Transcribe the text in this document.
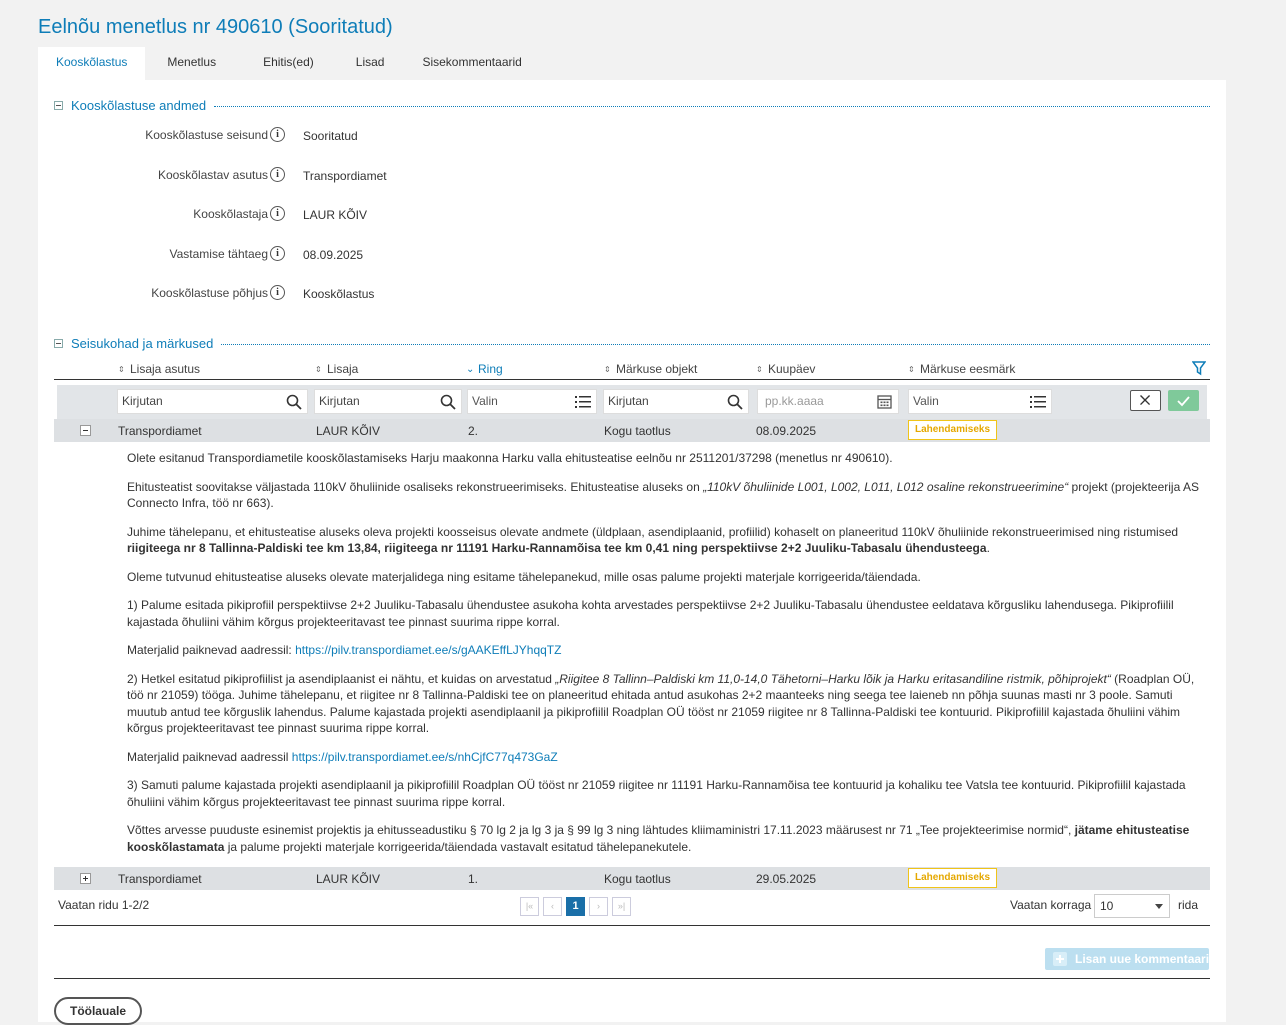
Eelnõu menetlus nr 490610 (Sooritatud)
Kooskõlastus	Menetlus	Ehitis(ed)	Lisad	Sisekommentaarid
Kooskõlastuse andmed
Kooskõlastuse seisund i	Sooritatud
Kooskõlastav asutus i	Transpordiamet
Kooskõlastaja i	LAUR KÕIV
Vastamise tähtaeg i	08.09.2025
Kooskõlastuse põhjus i	Kooskõlastus
Seisukohad ja märkused
⇕ Lisaja asutus	⇕ Lisaja	⌄ Ring	⇕ Märkuse objekt	⇕ Kuupäev	⇕ Märkuse eesmärk
Kirjutan	Kirjutan	Valin	Kirjutan	pp.kk.aaaa	Valin
Transpordiamet	LAUR KÕIV	2.	Kogu taotlus	08.09.2025	Lahendamiseks

Olete esitanud Transpordiametile kooskõlastamiseks Harju maakonna Harku valla ehitusteatise eelnõu nr 2511201/37298 (menetlus nr 490610).

Ehitusteatist soovitakse väljastada 110kV õhuliinide osaliseks rekonstrueerimiseks. Ehitusteatise aluseks on „110kV õhuliinide L001, L002, L011, L012 osaline rekonstrueerimine“ projekt (projekteerija AS Connecto Infra, töö nr 663).

Juhime tähelepanu, et ehitusteatise aluseks oleva projekti koosseisus olevate andmete (üldplaan, asendiplaanid, profiilid) kohaselt on planeeritud 110kV õhuliinide rekonstrueerimised ning ristumised riigiteega nr 8 Tallinna-Paldiski tee km 13,84, riigiteega nr 11191 Harku-Rannamõisa tee km 0,41 ning perspektiivse 2+2 Juuliku-Tabasalu ühendusteega.

Oleme tutvunud ehitusteatise aluseks olevate materjalidega ning esitame tähelepanekud, mille osas palume projekti materjale korrigeerida/täiendada.

1) Palume esitada pikiprofiil perspektiivse 2+2 Juuliku-Tabasalu ühendustee asukoha kohta arvestades perspektiivse 2+2 Juuliku-Tabasalu ühendustee eeldatava kõrgusliku lahendusega. Pikiprofiilil kajastada õhuliini vähim kõrgus projekteeritavast tee pinnast suurima rippe korral.

Materjalid paiknevad aadressil: https://pilv.transpordiamet.ee/s/gAAKEffLJYhqqTZ

2) Hetkel esitatud pikiprofiilist ja asendiplaanist ei nähtu, et kuidas on arvestatud „Riigitee 8 Tallinn–Paldiski km 11,0-14,0 Tähetorni–Harku lõik ja Harku eritasandiline ristmik, põhiprojekt“ (Roadplan OÜ, töö nr 21059) tööga. Juhime tähelepanu, et riigitee nr 8 Tallinna-Paldiski tee on planeeritud ehitada antud asukohas 2+2 maanteeks ning seega tee laieneb nn põhja suunas masti nr 3 poole. Samuti muutub antud tee kõrguslik lahendus. Palume kajastada projekti asendiplaanil ja pikiprofiilil Roadplan OÜ tööst nr 21059 riigitee nr 8 Tallinna-Paldiski tee kontuurid. Pikiprofiilil kajastada õhuliini vähim kõrgus projekteeritavast tee pinnast suurima rippe korral.

Materjalid paiknevad aadressil https://pilv.transpordiamet.ee/s/nhCjfC77q473GaZ

3) Samuti palume kajastada projekti asendiplaanil ja pikiprofiilil Roadplan OÜ tööst nr 21059 riigitee nr 11191 Harku-Rannamõisa tee kontuurid ja kohaliku tee Vatsla tee kontuurid. Pikiprofiilil kajastada õhuliini vähim kõrgus projekteeritavast tee pinnast suurima rippe korral.

Võttes arvesse puuduste esinemist projektis ja ehitusseadustiku § 70 lg 2 ja lg 3 ja § 99 lg 3 ning lähtudes kliimaministri 17.11.2023 määrusest nr 71 „Tee projekteerimise normid“, jätame ehitusteatise kooskõlastamata ja palume projekti materjale korrigeerida/täiendada vastavalt esitatud tähelepanekutele.

Transpordiamet	LAUR KÕIV	1.	Kogu taotlus	29.05.2025	Lahendamiseks
Vaatan ridu 1-2/2	|«	‹	1	›	»|	Vaatan korraga 10	rida
Lisan uue kommentaari
Töölauale
